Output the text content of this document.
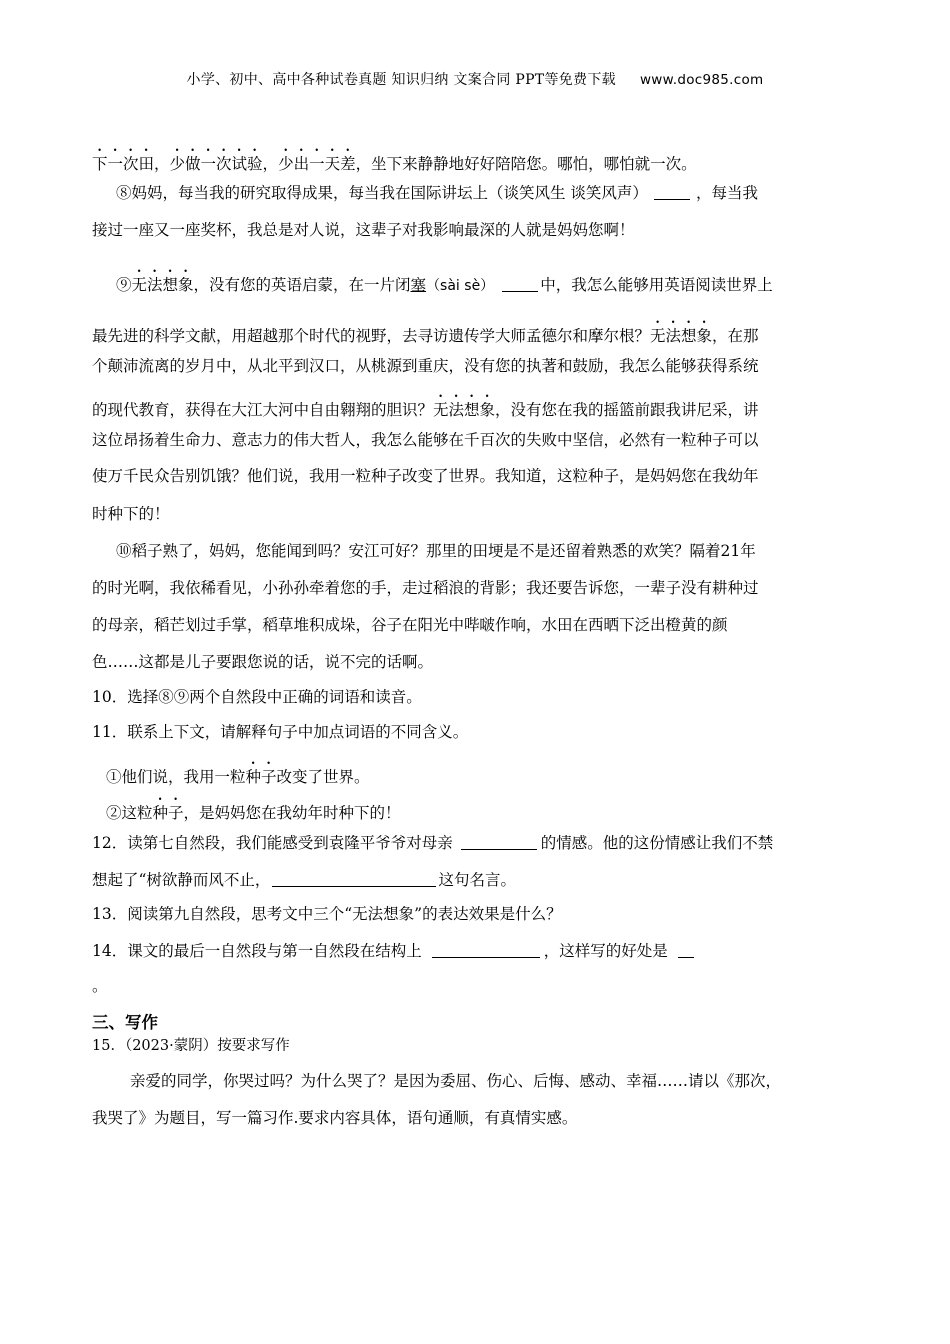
小学、初中、高中各种试卷真题 知识归纳 文案合同 PPT等免费下载 www.doc985.com
下一次田，少做一次试验，少出一天差，坐下来静静地好好陪陪您。哪怕，哪怕就一次。
⑧妈妈，每当我的研究取得成果，每当我在国际讲坛上（谈笑风生 谈笑风声）	，每当我
接过一座又一座奖杯，我总是对人说，这辈子对我影响最深的人就是妈妈您啊！
⑨无法想象，没有您的英语启蒙，在一片闭塞（sài sè）	中，我怎么能够用英语阅读世界上
最先进的科学文献，用超越那个时代的视野，去寻访遗传学大师孟德尔和摩尔根？无法想象，在那
个颠沛流离的岁月中，从北平到汉口，从桃源到重庆，没有您的执著和鼓励，我怎么能够获得系统
的现代教育，获得在大江大河中自由翱翔的胆识？无法想象，没有您在我的摇篮前跟我讲尼采，讲
这位昂扬着生命力、意志力的伟大哲人，我怎么能够在千百次的失败中坚信，必然有一粒种子可以
使万千民众告别饥饿？他们说，我用一粒种子改变了世界。我知道，这粒种子，是妈妈您在我幼年
时种下的！
⑩稻子熟了，妈妈，您能闻到吗？安江可好？那里的田埂是不是还留着熟悉的欢笑？隔着21年
的时光啊，我依稀看见，小孙孙牵着您的手，走过稻浪的背影；我还要告诉您，一辈子没有耕种过
的母亲，稻芒划过手掌，稻草堆积成垛，谷子在阳光中哔啵作响，水田在西晒下泛出橙黄的颜
色……这都是儿子要跟您说的话，说不完的话啊。
10．选择⑧⑨两个自然段中正确的词语和读音。
11．联系上下文，请解释句子中加点词语的不同含义。
①他们说，我用一粒种子改变了世界。
②这粒种子，是妈妈您在我幼年时种下的！
12．读第七自然段，我们能感受到袁隆平爷爷对母亲	的情感。他的这份情感让我们不禁
想起了“树欲静而风不止，	这句名言。
13．阅读第九自然段，思考文中三个“无法想象”的表达效果是什么？
14．课文的最后一自然段与第一自然段在结构上	，这样写的好处是
。
三、写作
15．（2023·蒙阴）按要求写作
亲爱的同学，你哭过吗？为什么哭了？是因为委屈、伤心、后悔、感动、幸福……请以《那次，
我哭了》为题目，写一篇习作.要求内容具体，语句通顺，有真情实感。
